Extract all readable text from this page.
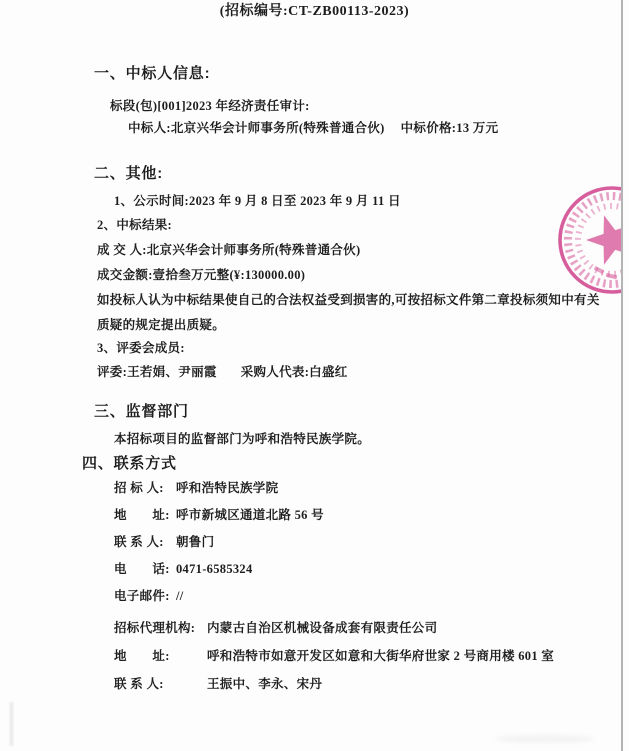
(招标编号:CT-ZB00113-2023)
一、中标人信息:
标段(包)[001]2023 年经济责任审计:
中标人:北京兴华会计师事务所(特殊普通合伙) 中标价格:13 万元
二、其他:
1、公示时间:2023 年 9 月 8 日至 2023 年 9 月 11 日
2、中标结果:
成 交 人:北京兴华会计师事务所(特殊普通合伙)
成交金额:壹拾叁万元整(¥:130000.00)
如投标人认为中标结果使自己的合法权益受到损害的,可按招标文件第二章投标须知中有关
质疑的规定提出质疑。
3、评委会成员:
评委:王若娟、尹丽霞 采购人代表:白盛红
三、监督部门
本招标项目的监督部门为呼和浩特民族学院。
四、联系方式
招 标 人: 呼和浩特民族学院
地　　址: 呼市新城区通道北路 56 号
联 系 人: 朝鲁门
电　　话: 0471-6585324
电子邮件: //
招标代理机构: 内蒙古自治区机械设备成套有限责任公司
地　　址:	呼和浩特市如意开发区如意和大街华府世家 2 号商用楼 601 室
联 系 人:	王振中、李永、宋丹
